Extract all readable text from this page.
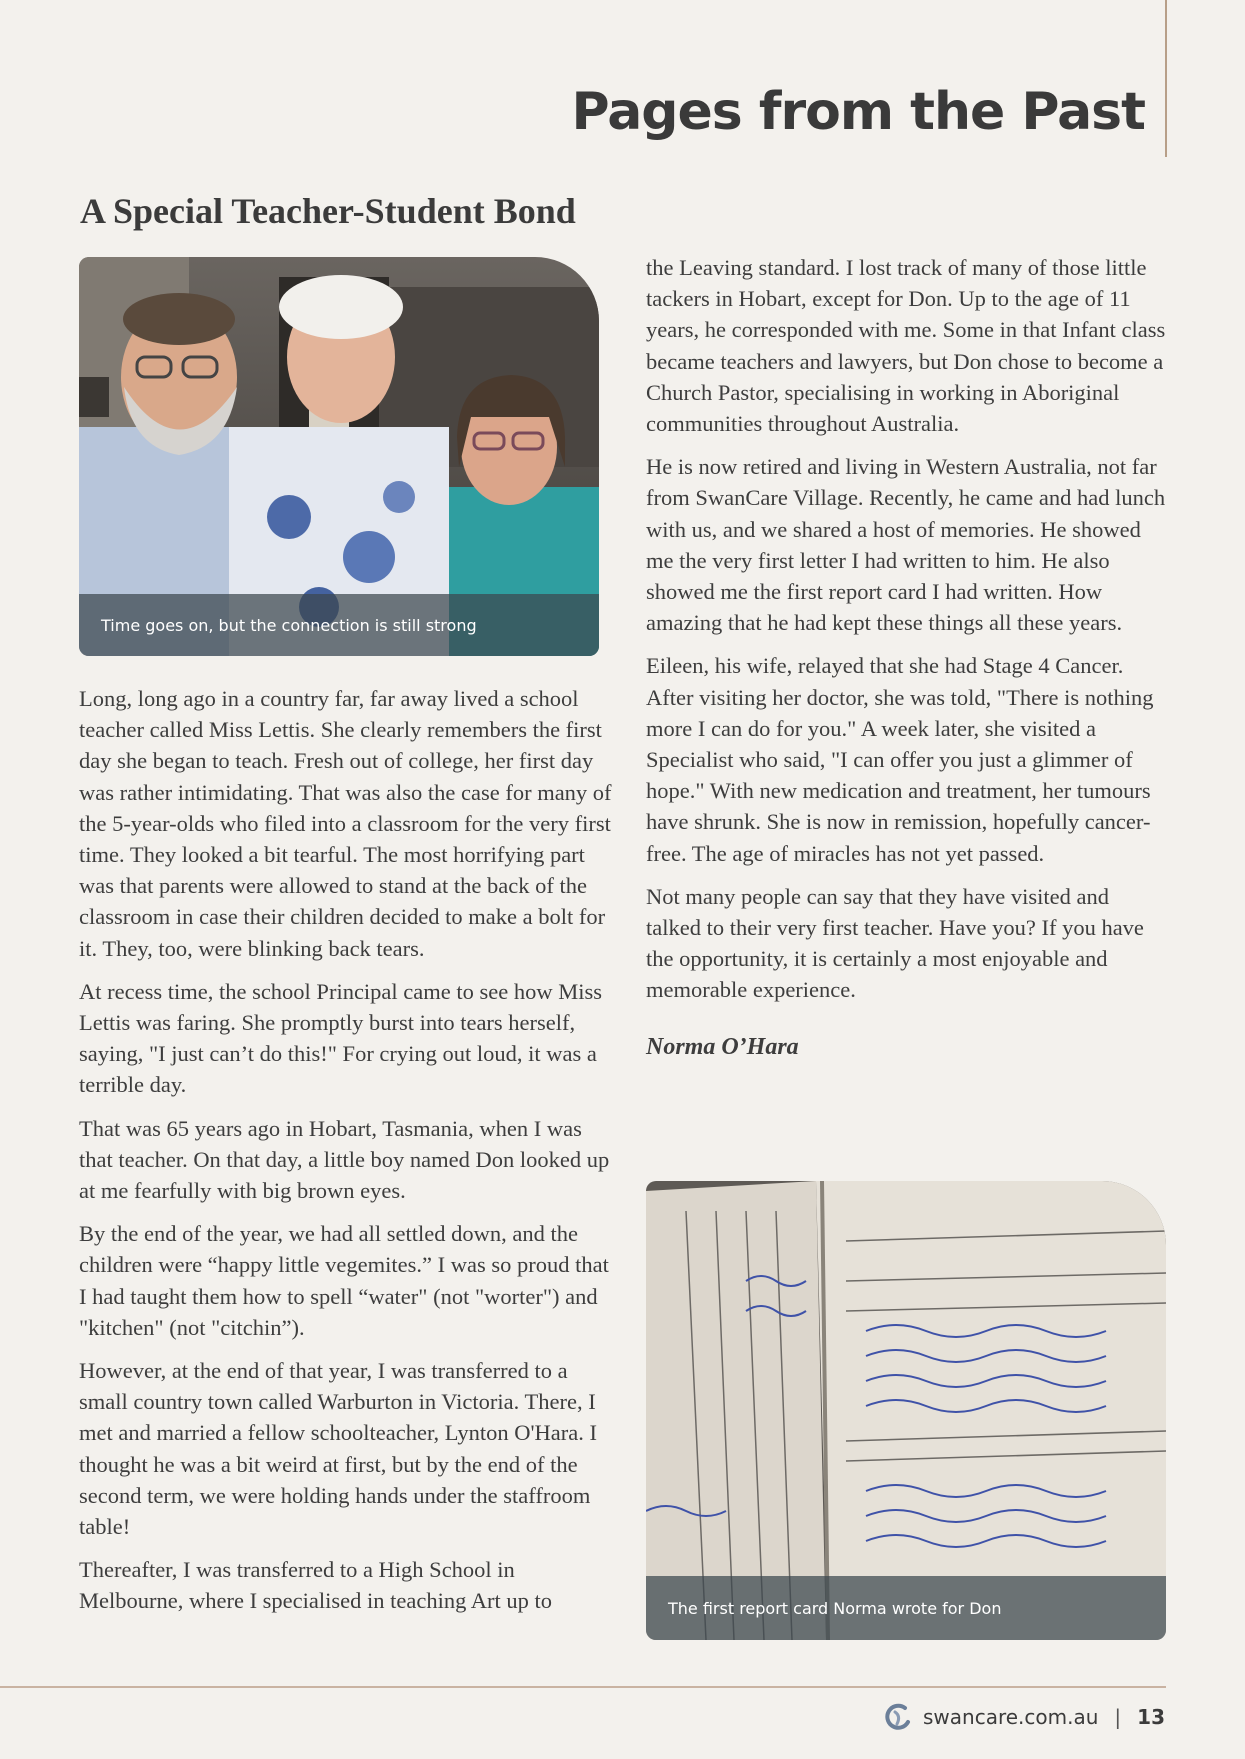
Pages from the Past
A Special Teacher-Student Bond
Time goes on, but the connection is still strong

Long, long ago in a country far, far away lived a school teacher called Miss Lettis. She clearly remembers the first day she began to teach. Fresh out of college, her first day was rather intimidating. That was also the case for many of the 5-year-olds who filed into a classroom for the very first time. They looked a bit tearful. The most horrifying part was that parents were allowed to stand at the back of the classroom in case their children decided to make a bolt for it. They, too, were blinking back tears.

At recess time, the school Principal came to see how Miss Lettis was faring. She promptly burst into tears herself, saying, "I just can’t do this!" For crying out loud, it was a terrible day.

That was 65 years ago in Hobart, Tasmania, when I was that teacher. On that day, a little boy named Don looked up at me fearfully with big brown eyes.

By the end of the year, we had all settled down, and the children were “happy little vegemites.” I was so proud that I had taught them how to spell “water" (not "worter") and "kitchen" (not "citchin”).

However, at the end of that year, I was transferred to a small country town called Warburton in Victoria. There, I met and married a fellow schoolteacher, Lynton O'Hara. I thought he was a bit weird at first, but by the end of the second term, we were holding hands under the staffroom table!

Thereafter, I was transferred to a High School in Melbourne, where I specialised in teaching Art up to

the Leaving standard. I lost track of many of those little tackers in Hobart, except for Don. Up to the age of 11 years, he corresponded with me. Some in that Infant class became teachers and lawyers, but Don chose to become a Church Pastor, specialising in working in Aboriginal communities throughout Australia.

He is now retired and living in Western Australia, not far from SwanCare Village. Recently, he came and had lunch with us, and we shared a host of memories. He showed me the very first letter I had written to him. He also showed me the first report card I had written. How amazing that he had kept these things all these years.

Eileen, his wife, relayed that she had Stage 4 Cancer. After visiting her doctor, she was told, "There is nothing more I can do for you." A week later, she visited a Specialist who said, "I can offer you just a glimmer of hope." With new medication and treatment, her tumours have shrunk. She is now in remission, hopefully cancer-free. The age of miracles has not yet passed.

Not many people can say that they have visited and talked to their very first teacher. Have you? If you have the opportunity, it is certainly a most enjoyable and memorable experience.

Norma O’Hara

The first report card Norma wrote for Don
swancare.com.au | 13
